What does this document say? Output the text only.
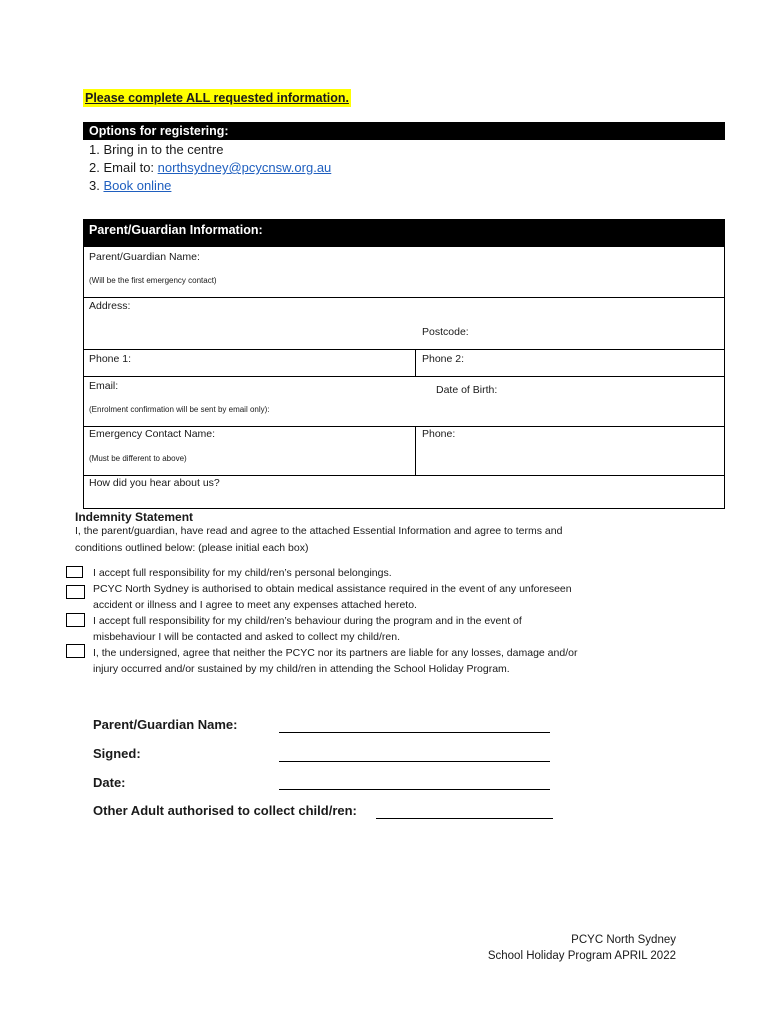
Please complete ALL requested information.
Options for registering:
1. Bring in to the centre
2. Email to: northsydney@pcycnsw.org.au
3. Book online
Parent/Guardian Information:
Parent/Guardian Name:
(Will be the first emergency contact)
Address:
Postcode:
Phone 1:	Phone 2:
Email:	Date of Birth:
(Enrolment confirmation will be sent by email only):
Emergency Contact Name:
(Must be different to above)
Phone:
How did you hear about us?
Indemnity Statement
I, the parent/guardian, have read and agree to the attached Essential Information and agree to terms and
conditions outlined below: (please initial each box)
I accept full responsibility for my child/ren’s personal belongings.
PCYC North Sydney is authorised to obtain medical assistance required in the event of any unforeseen
accident or illness and I agree to meet any expenses attached hereto.
I accept full responsibility for my child/ren’s behaviour during the program and in the event of
misbehaviour I will be contacted and asked to collect my child/ren.
I, the undersigned, agree that neither the PCYC nor its partners are liable for any losses, damage and/or
injury occurred and/or sustained by my child/ren in attending the School Holiday Program.
Parent/Guardian Name:
Signed:
Date:
Other Adult authorised to collect child/ren:
PCYC North Sydney
School Holiday Program APRIL 2022
